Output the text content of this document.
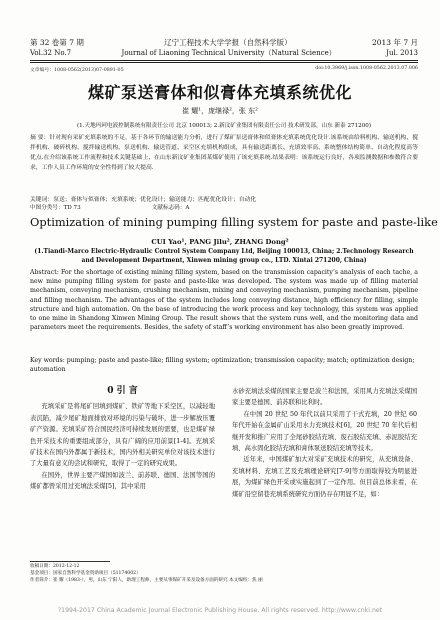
第 32 卷第 7 期	辽宁工程技术大学学报（自然科学版）	2013 年 7 月
Vol.32 No.7	Journal of Liaoning Technical University（Natural Science）	Jul. 2013
文章编号：1008-0562(2013)07-0891-05	doi:10.3969/j.issn.1008-0562.2013.07.006
煤矿泵送膏体和似膏体充填系统优化
崔 耀¹，庞继禄²，张 东²
(1.天地玛珂电液控制系统有限责任公司 北京 100013; 2.新汶矿业集团有限责任公司 技术研发部，山东 新泰 271200)
摘 要：针对现有采矿充填系统的不足，基于各环节的输送能力分析，进行了煤矿泵送膏体和似膏体充填系统优化设计.该系统由给料机构、输送机构、搅拌机构、破碎机构、搅拌输送机构、泵送机构、输送管道、采空区充填机构组成，具有输送距离长、充填效率高、系统整体结构简单、自动化程度高等优点.在介绍该系统工作流程和技术关键基础上，在山东新汶矿业集团某煤矿使用了该充填系统.结果表明：该系统运行良好，各项监测数据和参数符合要求，工作人员工作环境的安全性得到了较大提高.
关键词：泵送；膏体与似膏体；充填系统；优化设计；输送能力；匹配优化设计；自动化
中图分类号：TD 73                                        文献标志码：A
Optimization of mining pumping filling system for paste and paste-like
CUI Yao¹, PANG Jilu², ZHANG Dong²
(1.Tiandi-Marco Electric-Hydraulic Control System Company Ltd, Beijing 100013, China; 2.Technology Research and Development Department, Xinwen mining group co., LTD. Xintai 271200, China)
Abstract: For the shortage of existing mining filling system, based on the transmission capacity’s analysis of each tache, a new mine pumping filling system for paste and paste-like was developed. The system was made up of filling material mechanism, conveying mechanism, crushing mechanism, mixing and conveying mechanism, pumping mechanism, pipeline and filling mechanism. The advantages of the system includes long conveying distance, high efficiency for filling, simple structure and high automation. On the base of introducing the work process and key technology, this system was applied to one mine in Shandong Xinwen Mining Group. The result shows that the system runs well, and the monitoring data and parameters meet the requirements. Besides, the safety of staff’s working environment has also been greatly improved.
Key words: pumping; paste and paste-like; filling system; optimization; transmission capacity; match; optimization design; automation
0 引 言

充填采矿是将尾矿回填到煤矿、铁矿等地下采空区，以减轻地表沉陷，减少尾矿地面排放对环境的污染与破坏，进一步解放压覆矿产资源。充填采矿符合国民经济可持续发展的需要，也是煤矿绿色开采技术的重要组成部分，具有广阔的应用前景[1-4]。充填采矿技术在国内外都属于新技术，国内外相关研究单位对该技术进行了大量有意义的尝试和研究，取得了一定的研究成果。

在国外，世界主要产煤国如波兰、前苏联、德国、法国等国的煤矿都曾采用过充填法采煤[5]，其中采用

水砂充填法采煤的国家主要是波兰和法国，采用风力充填法采煤国家主要是德国、前苏联和比利时。

在中国 20 世纪 50 年代以前只采用了干式充填，20 世纪 60 年代开始在金属矿山采用水力充填技术[6]，20 世纪 70 年代后相继开发和推广应用了全尾砂胶结充填、废石胶结充填、赤泥胶结充填、高水固化胶结充填和膏体泵送胶结充填等技术。

近年来，中国煤矿加大对采矿充填技术的研究，从充填设备、充填材料、充填工艺及充填理论研究[7-9]等方面取得较为明显进展，为煤矿绿色开采或实施起到了一定作用。但目前总体来看，在煤矿沿空留巷充填系统研究方面仍存在明显不足，如：

收稿日期：2012-12-12
基金项目：国家自然科学基金资助项目（51174002）
作者简介：崔 耀（1983-），男，山东 宁阳人，助理工程师，主要从事煤矿开采及设备方面的研究 本文编校：焦 丽
?1994-2017 China Academic Journal Electronic Publishing House. All rights reserved. http://www.cnki.net
